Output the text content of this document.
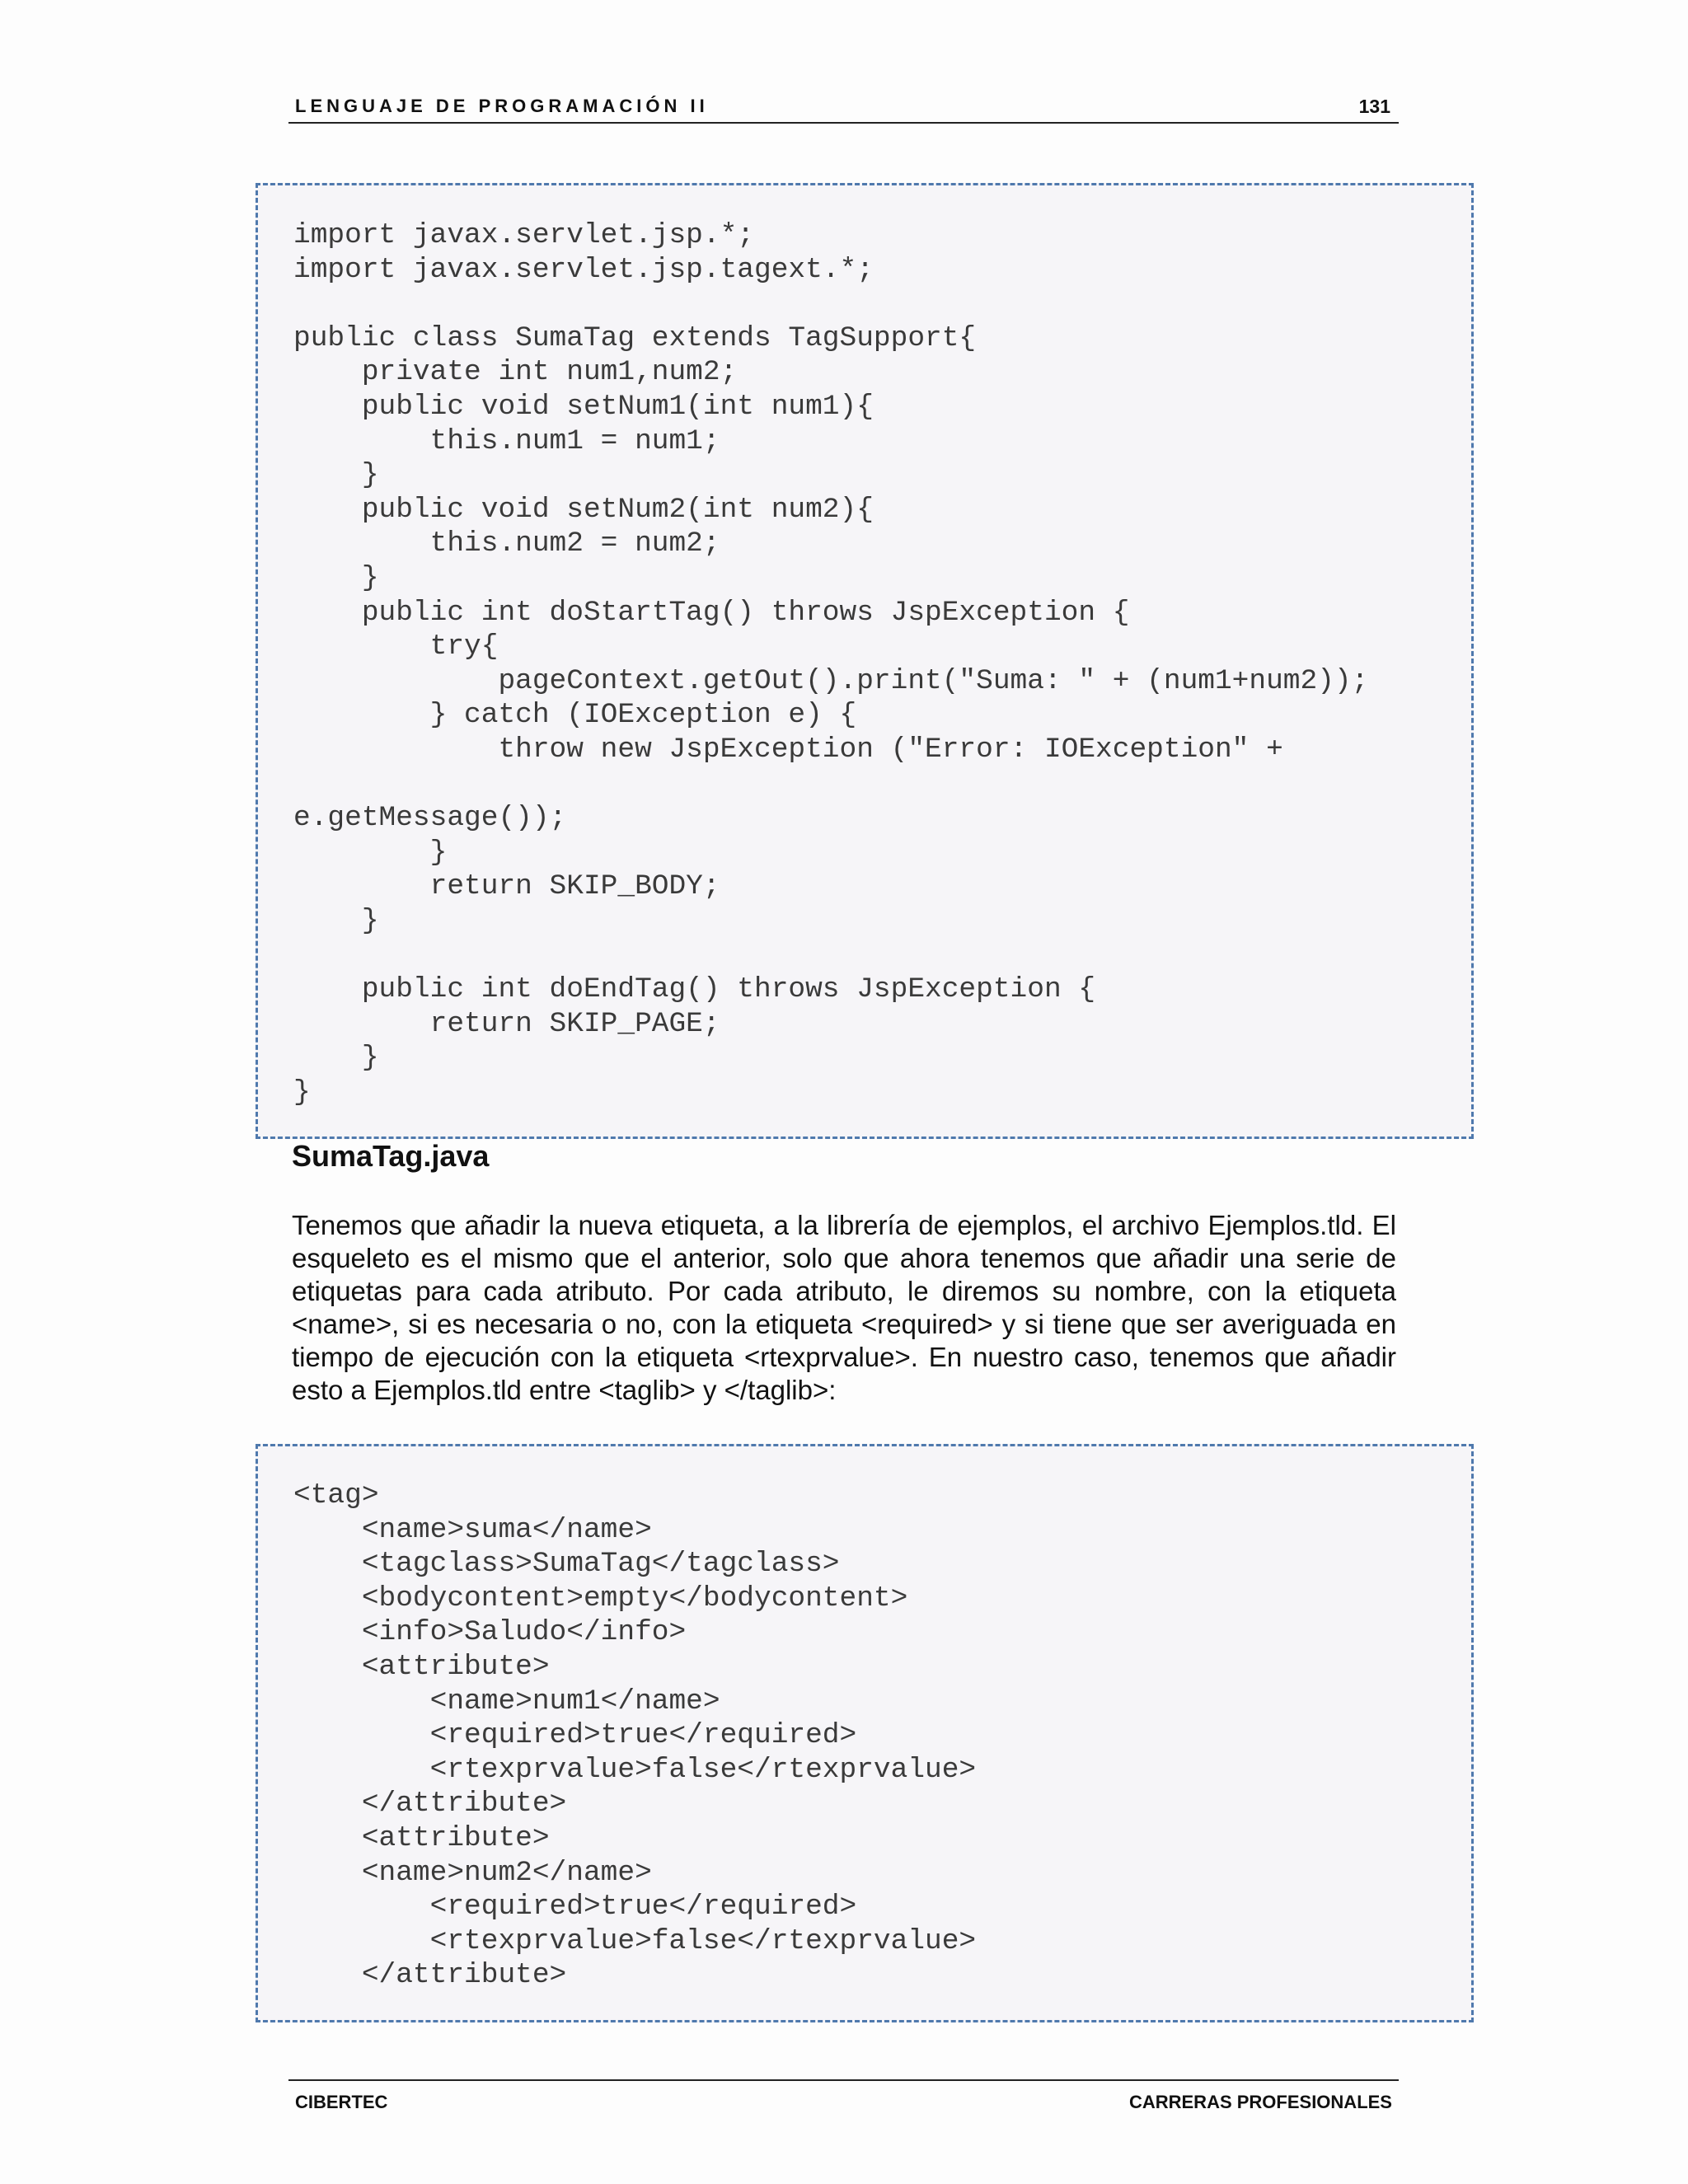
LENGUAJE DE PROGRAMACIÓN II	131
import javax.servlet.jsp.*;
import javax.servlet.jsp.tagext.*;

public class SumaTag extends TagSupport{
private int num1,num2;
public void setNum1(int num1){
this.num1 = num1;
}
public void setNum2(int num2){
this.num2 = num2;
}
public int doStartTag() throws JspException {
try{
pageContext.getOut().print("Suma: " + (num1+num2));
} catch (IOException e) {
throw new JspException ("Error: IOException" +

e.getMessage());
}
return SKIP_BODY;
}

public int doEndTag() throws JspException {
return SKIP_PAGE;
}
}

SumaTag.java

Tenemos que añadir la nueva etiqueta, a la librería de ejemplos, el archivo Ejemplos.tld. El esqueleto es el mismo que el anterior, solo que ahora tenemos que añadir una serie de etiquetas para cada atributo. Por cada atributo, le diremos su nombre, con la etiqueta <name>, si es necesaria o no, con la etiqueta <required> y si tiene que ser averiguada en tiempo de ejecución con la etiqueta <rtexprvalue>. En nuestro caso, tenemos que añadir esto a Ejemplos.tld entre <taglib> y </taglib>:

<tag>
<name>suma</name>
<tagclass>SumaTag</tagclass>
<bodycontent>empty</bodycontent>
<info>Saludo</info>
<attribute>
<name>num1</name>
<required>true</required>
<rtexprvalue>false</rtexprvalue>
</attribute>
<attribute>
<name>num2</name>
<required>true</required>
<rtexprvalue>false</rtexprvalue>
</attribute>
CIBERTEC	CARRERAS PROFESIONALES
